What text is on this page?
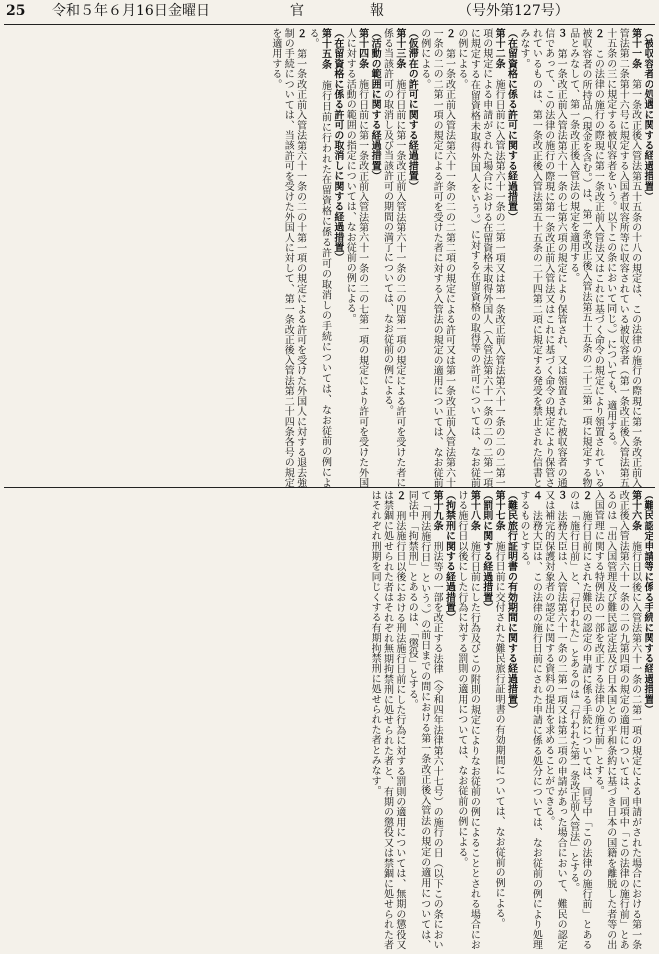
25 令和５年６月16日 金曜日	官	報	（号外第127号）

（被収容者の処遇に関する経過措置）

第十一条　第一条改正後入管法第五十五条の十八の規定は、この法律の施行の際現に第一条改正前入管法第二条第十六号に規定する入国者収容所等に収容されている被収容者（第一条改正後入管法第五十五条の三に規定する被収容者をいう。以下この条において同じ。）についても、適用する。

２　この法律の施行の際現に第一条改正前入管法又はこれに基づく命令の規定により領置されている被収容者の所持品（現金を含む。）は、第一条改正後入管法第五十五条の二十三第一項に規定する物品とみなして、第一条改正後入管法の規定を適用する。

３　第一条改正前入管法第六十一条の七第六項の規定により保管され、又は領置された被収容者の通信であって、この法律の施行の際現に第一条改正前入管法又はこれに基づく命令の規定により保管されているものは、第一条改正後入管法第五十五条の二十四第二項に規定する発受を禁止された信書とみなす。

（在留資格に係る許可に関する経過措置）

第十二条　施行日前に入管法第六十一条の二第一項又は第一条改正前入管法第六十一条の二の二第一項の規定による申請がされた場合における在留資格未取得外国人（入管法第六十一条の二の二第一項に規定する在留資格未取得外国人をいう。）に対する在留資格の取得等の許可については、なお従前の例による。

２　第一条改正前入管法第六十一条の二の二第二項の規定による許可又は第一条改正前入管法第六十一条の二の二第一項の規定による許可を受けた者に対する入管法の規定の適用については、なお従前の例による。

（仮滞在の許可に関する経過措置）

第十三条　施行日前に第一条改正前入管法第六十一条の二の四第一項の規定による許可を受けた者に係る当該許可の取消し及び当該許可の期間の満了については、なお従前の例による。

（活動の範囲に関する経過措置）

第十四条　施行日前に第一条改正前入管法第六十一条の二の七第一項の規定により許可を受けた外国人に対する活動の範囲の指定については、なお従前の例による。

（在留資格に係る許可の取消しに関する経過措置）

第十五条　施行日前に行われた在留資格に係る許可の取消しの手続については、なお従前の例による。

２　第一条改正前入管法第六十一条の二の十第一項の規定による許可を受けた外国人に対する退去強制の手続については、当該許可を受けた外国人に対して、第一条改正後入管法第二十四条各号の規定を適用する。

（難民認定申請等に係る手続に関する経過措置）

第十六条　施行日以後に入管法第六十一条の二第一項の規定による申請がされた場合における第一条改正後入管法第六十一条の二の九第四項の規定の適用については、同項中「この法律の施行前」とあるのは「出入国管理及び難民認定法及び日本国との平和条約に基づき日本の国籍を離脱した者等の出入国管理に関する特例法の一部を改正する法律の施行前」とする。

２　施行日前にされた難民の認定の申請に係る手続については、同号中「この法律の施行前」とあるのは「施行日前」と、「行われた」とあるのは「行われた第一条改正前入管法」とする。

３　法務大臣は、入管法第六十一条の二第一項又は第二項の申請があった場合において、難民の認定又は補完的保護対象者の認定に関する資料の提出を求めることができる。

４　法務大臣は、この法律の施行日前にされた申請に係る処分については、なお従前の例により処理するものとする。

（難民旅行証明書の有効期間に関する経過措置）

第十七条　施行日前に交付された難民旅行証明書の有効期間については、なお従前の例による。

（罰則に関する経過措置）

第十八条　施行日前にした行為及びこの附則の規定によりなお従前の例によることとされる場合における施行日以後にした行為に対する罰則の適用については、なお従前の例による。

（拘禁刑に関する経過措置）

第十九条　刑法等の一部を改正する法律（令和四年法律第六十七号）の施行の日（以下この条において「刑法施行日」という。）の前日までの間における第一条改正後入管法の規定の適用については、同法中「拘禁刑」とあるのは、「懲役」とする。

２　刑法施行日以後における刑法施行日前にした行為に対する罰則の適用については、無期の懲役又は禁錮に処せられた者はそれぞれ無期拘禁刑に処せられた者と、有期の懲役又は禁錮に処せられた者はそれぞれ刑期を同じくする有期拘禁刑に処せられた者とみなす。
